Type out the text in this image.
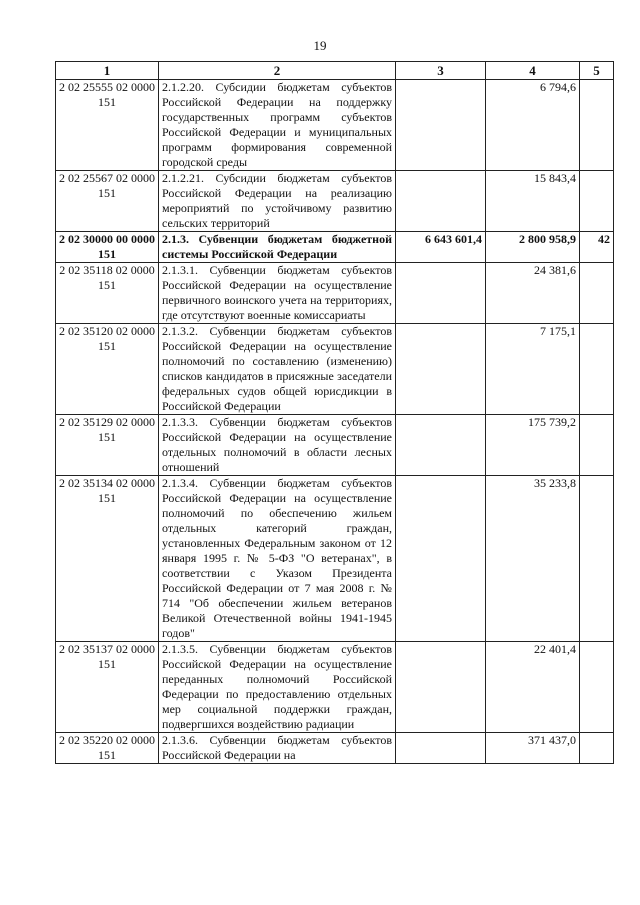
19
1	2	3	4	5
2 02 25555 02 0000 151	2.1.2.20. Субсидии бюджетам субъектов Российской Федерации на поддержку государственных программ субъектов Российской Федерации и муниципальных программ формирования современной городской среды		6 794,6	
2 02 25567 02 0000 151	2.1.2.21. Субсидии бюджетам субъектов Российской Федерации на реализацию мероприятий по устойчивому развитию сельских территорий		15 843,4	
2 02 30000 00 0000 151	2.1.3. Субвенции бюджетам бюджетной системы Российской Федерации	6 643 601,4	2 800 958,9	42
2 02 35118 02 0000 151	2.1.3.1. Субвенции бюджетам субъектов Российской Федерации на осуществление первичного воинского учета на территориях, где отсутствуют военные комиссариаты		24 381,6	
2 02 35120 02 0000 151	2.1.3.2. Субвенции бюджетам субъектов Российской Федерации на осуществление полномочий по составлению (изменению) списков кандидатов в присяжные заседатели федеральных судов общей юрисдикции в Российской Федерации		7 175,1	
2 02 35129 02 0000 151	2.1.3.3. Субвенции бюджетам субъектов Российской Федерации на осуществление отдельных полномочий в области лесных отношений		175 739,2	
2 02 35134 02 0000 151	2.1.3.4. Субвенции бюджетам субъектов Российской Федерации на осуществление полномочий по обеспечению жильем отдельных категорий граждан, установленных Федеральным законом от 12 января 1995 г. № 5-ФЗ "О ветеранах", в соответствии с Указом Президента Российской Федерации от 7 мая 2008 г. № 714 "Об обеспечении жильем ветеранов Великой Отечественной войны 1941-1945 годов"		35 233,8	
2 02 35137 02 0000 151	2.1.3.5. Субвенции бюджетам субъектов Российской Федерации на осуществление переданных полномочий Российской Федерации по предоставлению отдельных мер социальной поддержки граждан, подвергшихся воздействию радиации		22 401,4	
2 02 35220 02 0000 151	2.1.3.6. Субвенции бюджетам субъектов Российской Федерации на		371 437,0	
